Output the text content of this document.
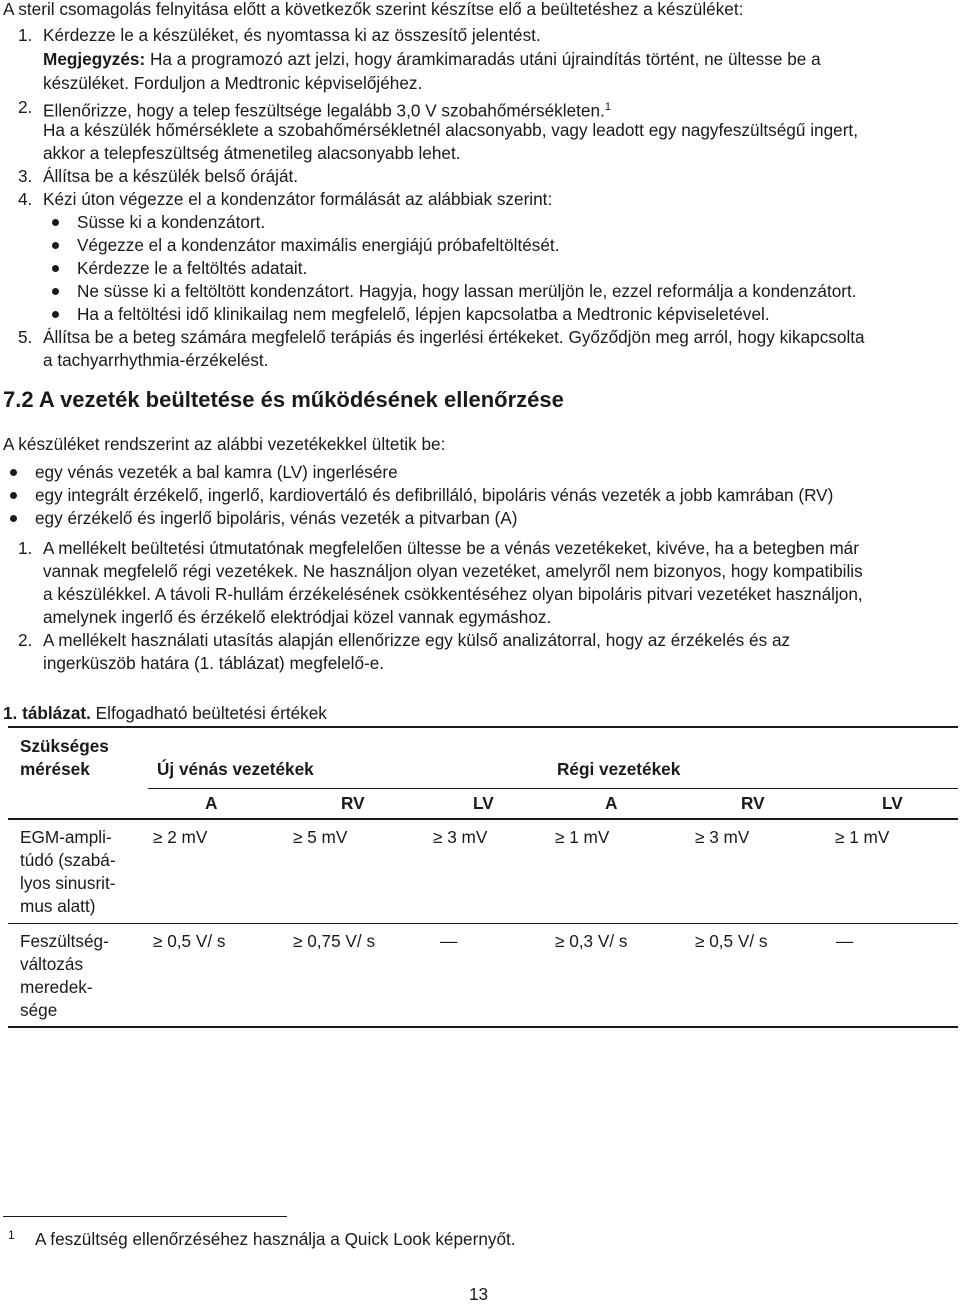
A steril csomagolás felnyitása előtt a következők szerint készítse elő a beültetéshez a készüléket:
1. Kérdezze le a készüléket, és nyomtassa ki az összesítő jelentést.
Megjegyzés: Ha a programozó azt jelzi, hogy áramkimaradás utáni újraindítás történt, ne ültesse be a
készüléket. Forduljon a Medtronic képviselőjéhez.
2. Ellenőrizze, hogy a telep feszültsége legalább 3,0 V szobahőmérsékleten.$^1$
Ha a készülék hőmérséklete a szobahőmérsékletnél alacsonyabb, vagy leadott egy nagyfeszültségű ingert,
akkor a telepfeszültség átmenetileg alacsonyabb lehet.
3. Állítsa be a készülék belső óráját.
4. Kézi úton végezze el a kondenzátor formálását az alábbiak szerint:
Süsse ki a kondenzátort.
Végezze el a kondenzátor maximális energiájú próbafeltöltését.
Kérdezze le a feltöltés adatait.
Ne süsse ki a feltöltött kondenzátort. Hagyja, hogy lassan merüljön le, ezzel reformálja a kondenzátort.
Ha a feltöltési idő klinikailag nem megfelelő, lépjen kapcsolatba a Medtronic képviseletével.
5. Állítsa be a beteg számára megfelelő terápiás és ingerlési értékeket. Győződjön meg arról, hogy kikapcsolta
a tachyarrhythmia-érzékelést.
7.2 A vezeték beültetése és működésének ellenőrzése
A készüléket rendszerint az alábbi vezetékekkel ültetik be:
egy vénás vezeték a bal kamra (LV) ingerlésére
egy integrált érzékelő, ingerlő, kardiovertáló és defibrilláló, bipoláris vénás vezeték a jobb kamrában (RV)
egy érzékelő és ingerlő bipoláris, vénás vezeték a pitvarban (A)
1. A mellékelt beültetési útmutatónak megfelelően ültesse be a vénás vezetékeket, kivéve, ha a betegben már
vannak megfelelő régi vezetékek. Ne használjon olyan vezetéket, amelyről nem bizonyos, hogy kompatibilis
a készülékkel. A távoli R-hullám érzékelésének csökkentéséhez olyan bipoláris pitvari vezetéket használjon,
amelynek ingerlő és érzékelő elektródjai közel vannak egymáshoz.
2. A mellékelt használati utasítás alapján ellenőrizze egy külső analizátorral, hogy az érzékelés és az
ingerküszöb határa (1. táblázat) megfelelő-e.
1. táblázat. Elfogadható beültetési értékek
Szükséges
mérések	Új vénás vezetékek	Régi vezetékek
A	RV	LV	A	RV	LV
EGM-ampli-
túdó (szabá-
lyos sinusrit-
mus alatt)
≥ 2 mV	≥ 5 mV	≥ 3 mV	≥ 1 mV	≥ 3 mV	≥ 1 mV
Feszültség-
változás
meredek-
sége
≥ 0,5 V/ s	≥ 0,75 V/ s	—	≥ 0,3 V/ s	≥ 0,5 V/ s	—
1 A feszültség ellenőrzéséhez használja a Quick Look képernyőt.
13
